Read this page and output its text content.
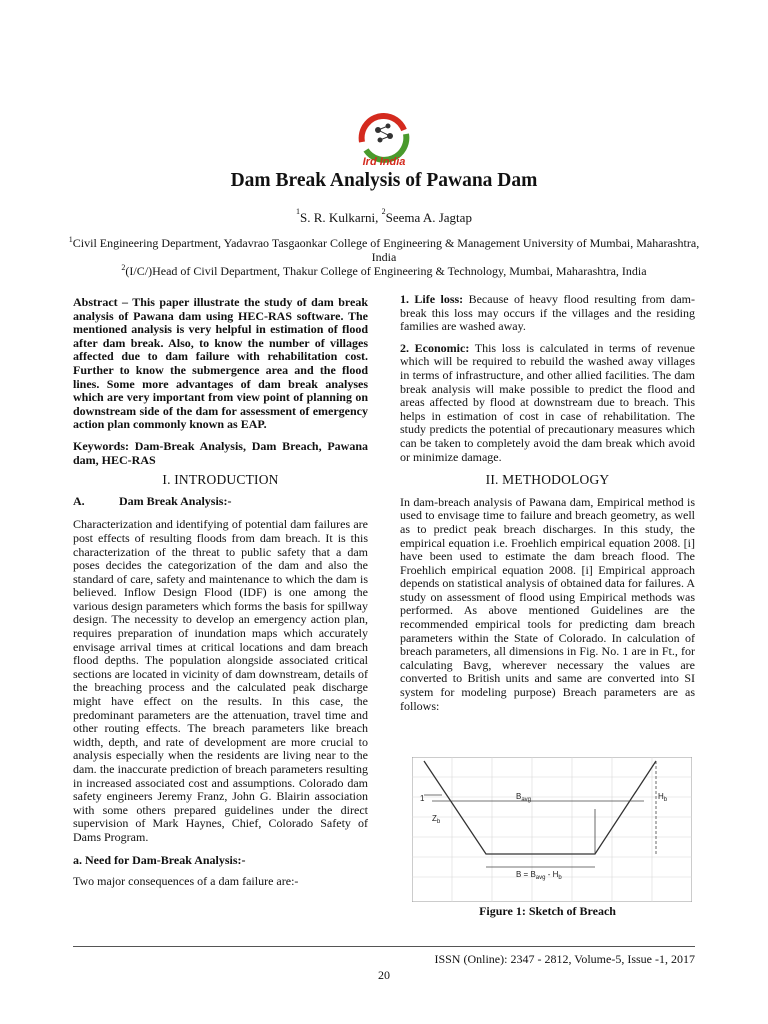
Ird India
Dam Break Analysis of Pawana Dam
$^1$S. R. Kulkarni, $^2$Seema A. Jagtap
$^1$Civil Engineering Department, Yadavrao Tasgaonkar College of Engineering & Management University of Mumbai, Maharashtra, India
$^2$(I/C/)Head of Civil Department, Thakur College of Engineering & Technology, Mumbai, Maharashtra, India

Abstract – This paper illustrate the study of dam break analysis of Pawana dam using HEC-RAS software. The mentioned analysis is very helpful in estimation of flood after dam break. Also, to know the number of villages affected due to dam failure with rehabilitation cost. Further to know the submergence area and the flood lines. Some more advantages of dam break analyses which are very important from view point of planning on downstream side of the dam for assessment of emergency action plan commonly known as EAP.

Keywords: Dam-Break Analysis, Dam Breach, Pawana dam, HEC-RAS

I. INTRODUCTION

A.	Dam Break Analysis:-

Characterization and identifying of potential dam failures are post effects of resulting floods from dam breach. It is this characterization of the threat to public safety that a dam poses decides the categorization of the dam and also the standard of care, safety and maintenance to which the dam is believed. Inflow Design Flood (IDF) is one among the various design parameters which forms the basis for spillway design. The necessity to develop an emergency action plan, requires preparation of inundation maps which accurately envisage arrival times at critical locations and dam breach flood depths. The population alongside associated critical sections are located in vicinity of dam downstream, details of the breaching process and the calculated peak discharge might have effect on the results. In this case, the predominant parameters are the attenuation, travel time and other routing effects. The breach parameters like breach width, depth, and rate of development are more crucial to analysis especially when the residents are living near to the dam. the inaccurate prediction of breach parameters resulting in increased associated cost and assumptions. Colorado dam safety engineers Jeremy Franz, John G. Blairin association with some others prepared guidelines under the direct supervision of Mark Haynes, Chief, Colorado Safety of Dams Program.

a. Need for Dam-Break Analysis:-

Two major consequences of a dam failure are:-

1. Life loss: Because of heavy flood resulting from dam-break this loss may occurs if the villages and the residing families are washed away.

2. Economic: This loss is calculated in terms of revenue which will be required to rebuild the washed away villages in terms of infrastructure, and other allied facilities. The dam break analysis will make possible to predict the flood and areas affected by flood at downstream due to breach. This helps in estimation of cost in case of rehabilitation. The study predicts the potential of precautionary measures which can be taken to completely avoid the dam break which avoid or minimize damage.

II. METHODOLOGY

In dam-breach analysis of Pawana dam, Empirical method is used to envisage time to failure and breach geometry, as well as to predict peak breach discharges. In this study, the empirical equation i.e. Froehlich empirical equation 2008. [i] have been used to estimate the dam breach flood. The Froehlich empirical equation 2008. [i] Empirical approach depends on statistical analysis of obtained data for failures. A study on assessment of flood using Empirical methods was performed. As above mentioned Guidelines are the recommended empirical tools for predicting dam breach parameters within the State of Colorado. In calculation of breach parameters, all dimensions in Fig. No. 1 are in Ft., for calculating Bavg, wherever necessary the values are converted to British units and same are converted into SI system for modeling purpose) Breach parameters are as follows:

1
$Z_b$
$B_{avg}$	$H_b$
$B = B_{avg} - H_b$
Figure 1: Sketch of Breach
ISSN (Online): 2347 - 2812, Volume-5, Issue -1, 2017
20
